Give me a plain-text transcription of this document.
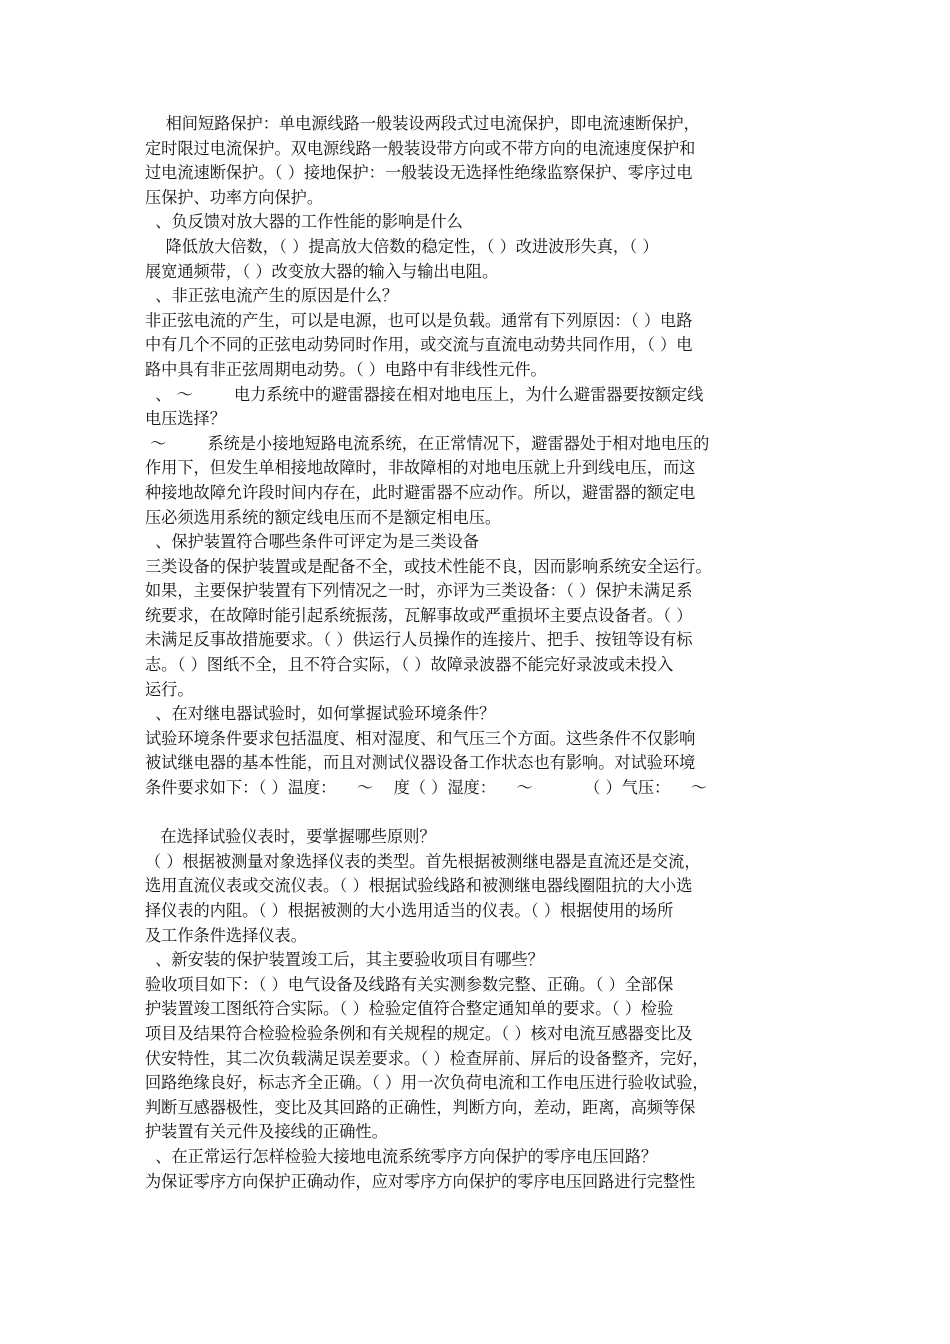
相间短路保护：单电源线路一般装设两段式过电流保护，即电流速断保护，
定时限过电流保护。双电源线路一般装设带方向或不带方向的电流速度保护和
过电流速断保护。（ ）接地保护：一般装设无选择性绝缘监察保护、零序过电
压保护、功率方向保护。
、负反馈对放大器的工作性能的影响是什么
降低放大倍数，（ ）提高放大倍数的稳定性，（ ）改进波形失真，（ ）
展宽通频带，（ ）改变放大器的输入与输出电阻。
、非正弦电流产生的原因是什么？
非正弦电流的产生，可以是电源，也可以是负载。通常有下列原因：（ ）电路
中有几个不同的正弦电动势同时作用，或交流与直流电动势共同作用，（ ）电
路中具有非正弦周期电动势。（ ）电路中有非线性元件。
、 ～        电力系统中的避雷器接在相对地电压上，为什么避雷器要按额定线
电压选择？
～        系统是小接地短路电流系统，在正常情况下，避雷器处于相对地电压的
作用下，但发生单相接地故障时，非故障相的对地电压就上升到线电压，而这
种接地故障允许段时间内存在，此时避雷器不应动作。所以，避雷器的额定电
压必须选用系统的额定线电压而不是额定相电压。
、保护装置符合哪些条件可评定为是三类设备
三类设备的保护装置或是配备不全，或技术性能不良，因而影响系统安全运行。
如果，主要保护装置有下列情况之一时，亦评为三类设备：（ ）保护未满足系
统要求，在故障时能引起系统振荡，瓦解事故或严重损坏主要点设备者。（ ）
未满足反事故措施要求。（ ）供运行人员操作的连接片、把手、按钮等设有标
志。（ ）图纸不全，且不符合实际，（ ）故障录波器不能完好录波或未投入
运行。
、在对继电器试验时，如何掌握试验环境条件？
试验环境条件要求包括温度、相对湿度、和气压三个方面。这些条件不仅影响
被试继电器的基本性能，而且对测试仪器设备工作状态也有影响。对试验环境
条件要求如下：（ ）温度：    ～    度（ ）湿度：    ～          （ ）气压：    ～
在选择试验仪表时，要掌握哪些原则？
（ ）根据被测量对象选择仪表的类型。首先根据被测继电器是直流还是交流，
选用直流仪表或交流仪表。（ ）根据试验线路和被测继电器线圈阻抗的大小选
择仪表的内阻。（ ）根据被测的大小选用适当的仪表。（ ）根据使用的场所
及工作条件选择仪表。
、新安装的保护装置竣工后，其主要验收项目有哪些？
验收项目如下：（ ）电气设备及线路有关实测参数完整、正确。（ ）全部保
护装置竣工图纸符合实际。（ ）检验定值符合整定通知单的要求。（ ）检验
项目及结果符合检验检验条例和有关规程的规定。（ ）核对电流互感器变比及
伏安特性，其二次负载满足误差要求。（ ）检查屏前、屏后的设备整齐，完好，
回路绝缘良好，标志齐全正确。（ ）用一次负荷电流和工作电压进行验收试验，
判断互感器极性，变比及其回路的正确性，判断方向，差动，距离，高频等保
护装置有关元件及接线的正确性。
、在正常运行怎样检验大接地电流系统零序方向保护的零序电压回路？
为保证零序方向保护正确动作，应对零序方向保护的零序电压回路进行完整性
